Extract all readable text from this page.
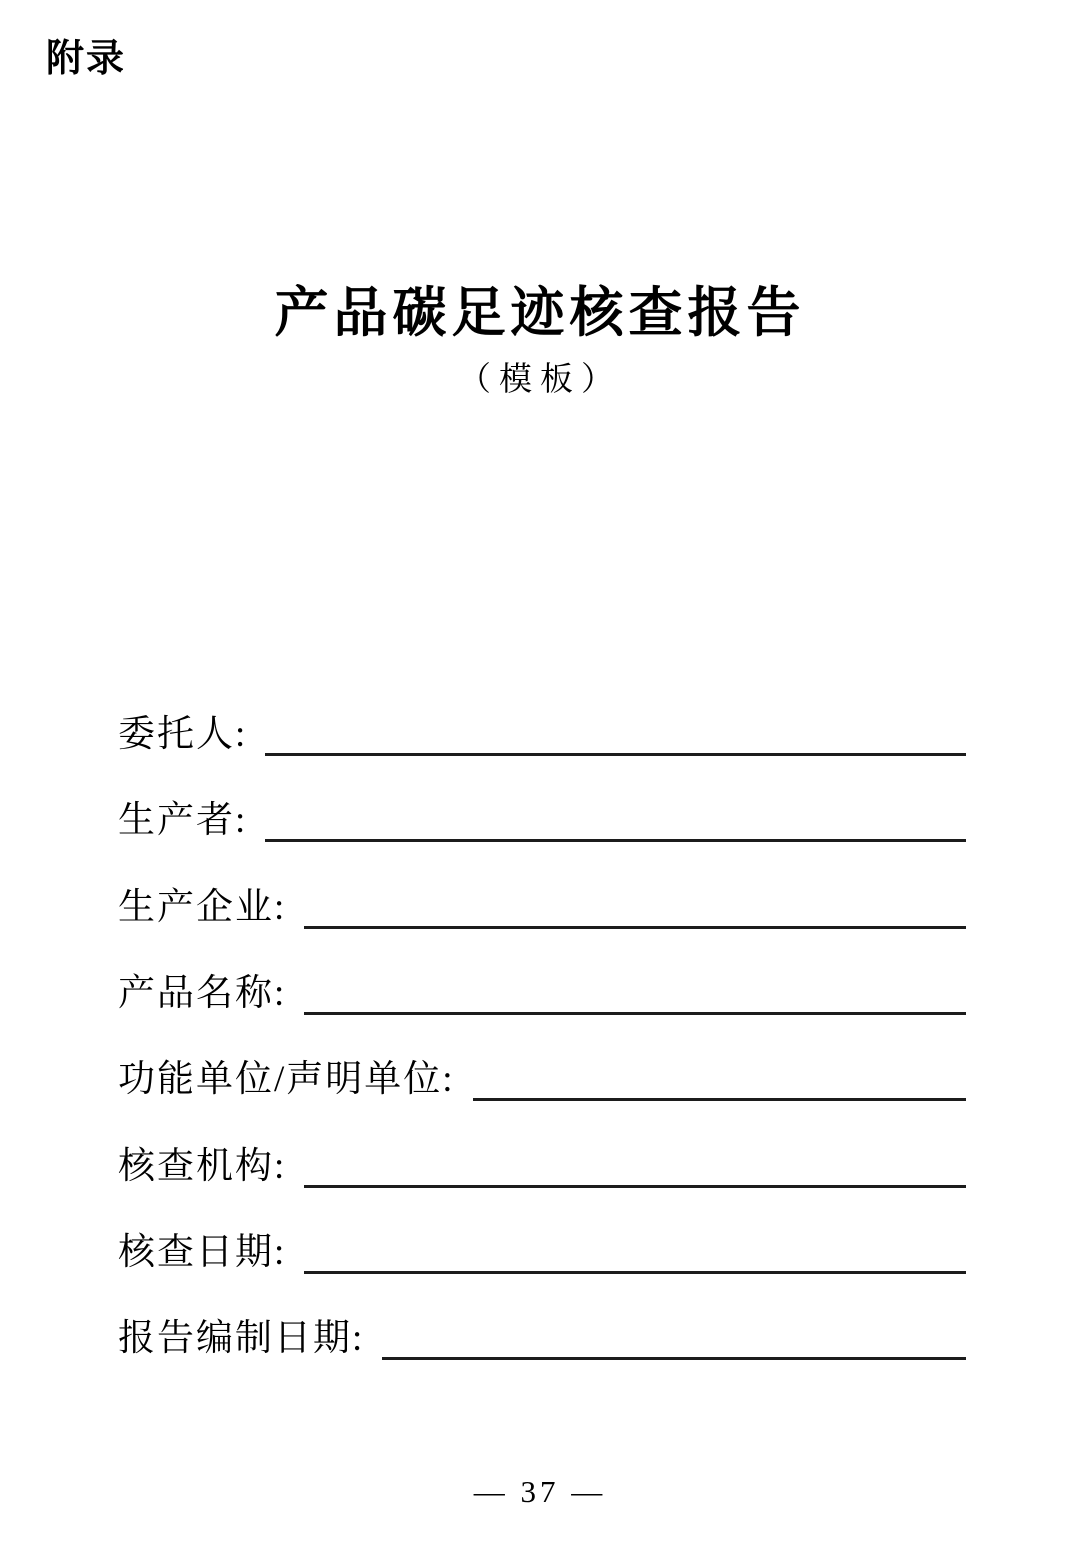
附录
产品碳足迹核查报告
（模板）
委托人:
生产者:
生产企业:
产品名称:
功能单位/声明单位:
核查机构:
核查日期:
报告编制日期:
— 37 —
